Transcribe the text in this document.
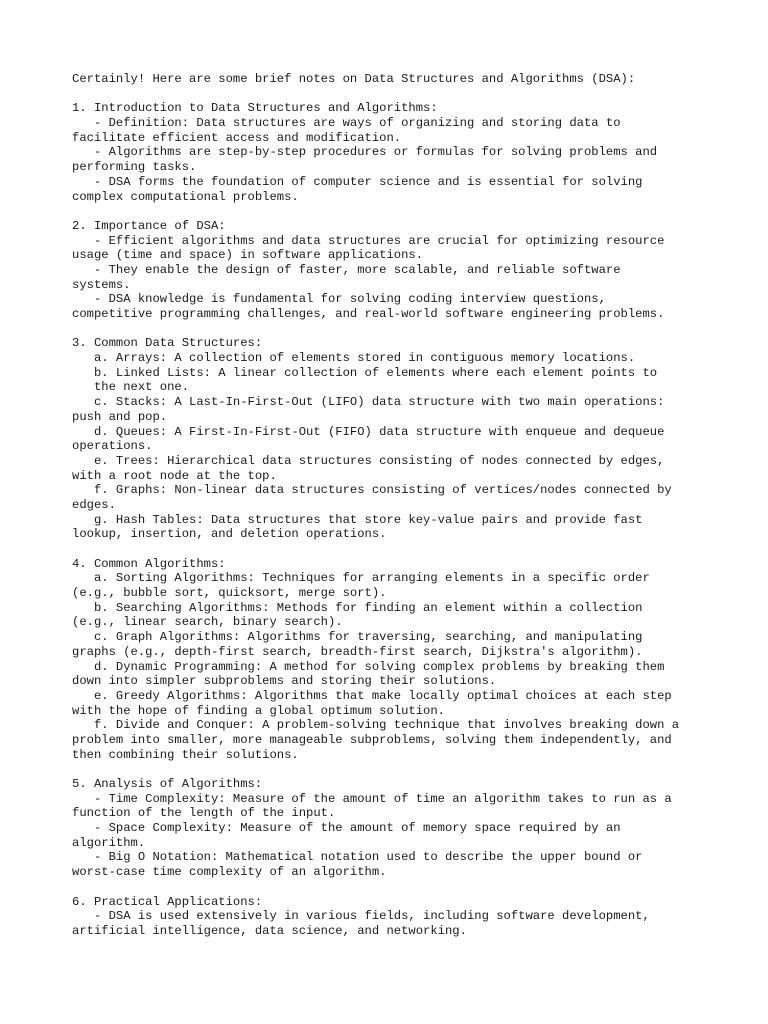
Certainly! Here are some brief notes on Data Structures and Algorithms (DSA):
1. Introduction to Data Structures and Algorithms:
- Definition: Data structures are ways of organizing and storing data to
facilitate efficient access and modification.
- Algorithms are step-by-step procedures or formulas for solving problems and
performing tasks.
- DSA forms the foundation of computer science and is essential for solving
complex computational problems.
2. Importance of DSA:
- Efficient algorithms and data structures are crucial for optimizing resource
usage (time and space) in software applications.
- They enable the design of faster, more scalable, and reliable software
systems.
- DSA knowledge is fundamental for solving coding interview questions,
competitive programming challenges, and real-world software engineering problems.
3. Common Data Structures:
a. Arrays: A collection of elements stored in contiguous memory locations.
b. Linked Lists: A linear collection of elements where each element points to
the next one.
c. Stacks: A Last-In-First-Out (LIFO) data structure with two main operations:
push and pop.
d. Queues: A First-In-First-Out (FIFO) data structure with enqueue and dequeue
operations.
e. Trees: Hierarchical data structures consisting of nodes connected by edges,
with a root node at the top.
f. Graphs: Non-linear data structures consisting of vertices/nodes connected by
edges.
g. Hash Tables: Data structures that store key-value pairs and provide fast
lookup, insertion, and deletion operations.
4. Common Algorithms:
a. Sorting Algorithms: Techniques for arranging elements in a specific order
(e.g., bubble sort, quicksort, merge sort).
b. Searching Algorithms: Methods for finding an element within a collection
(e.g., linear search, binary search).
c. Graph Algorithms: Algorithms for traversing, searching, and manipulating
graphs (e.g., depth-first search, breadth-first search, Dijkstra's algorithm).
d. Dynamic Programming: A method for solving complex problems by breaking them
down into simpler subproblems and storing their solutions.
e. Greedy Algorithms: Algorithms that make locally optimal choices at each step
with the hope of finding a global optimum solution.
f. Divide and Conquer: A problem-solving technique that involves breaking down a
problem into smaller, more manageable subproblems, solving them independently, and
then combining their solutions.
5. Analysis of Algorithms:
- Time Complexity: Measure of the amount of time an algorithm takes to run as a
function of the length of the input.
- Space Complexity: Measure of the amount of memory space required by an
algorithm.
- Big O Notation: Mathematical notation used to describe the upper bound or
worst-case time complexity of an algorithm.
6. Practical Applications:
- DSA is used extensively in various fields, including software development,
artificial intelligence, data science, and networking.
